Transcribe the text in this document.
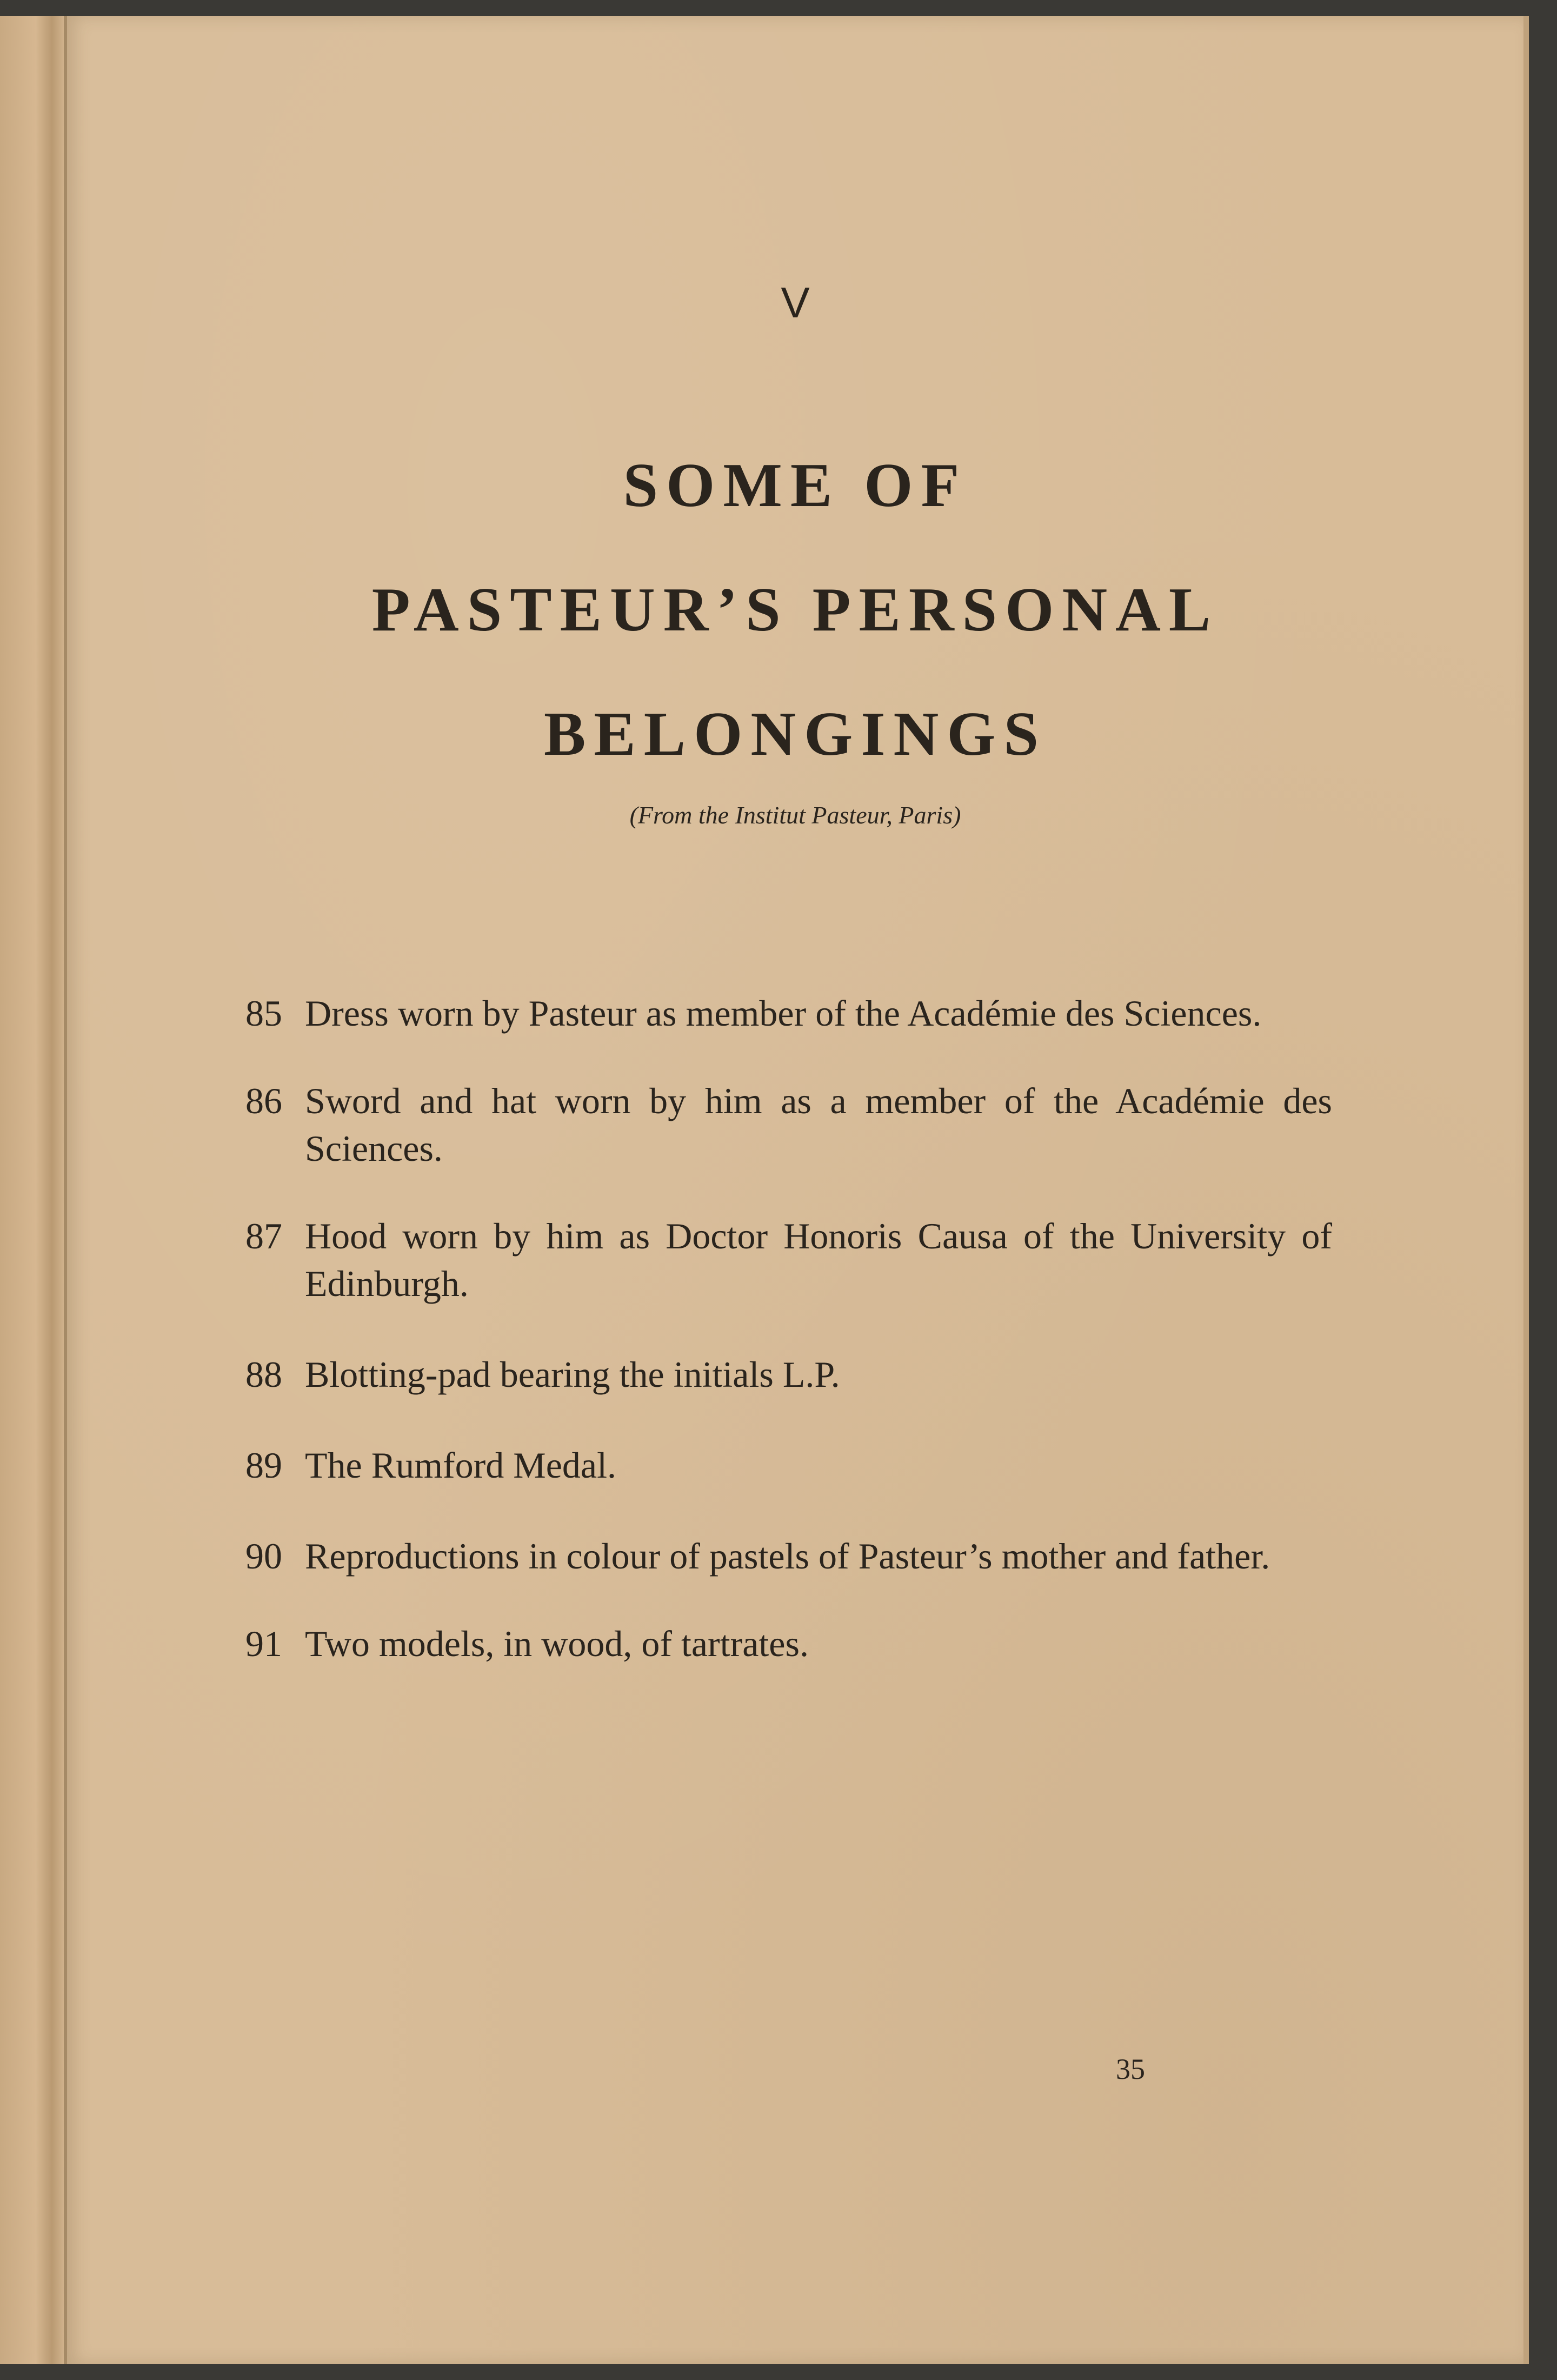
V
SOME OF
PASTEUR’S PERSONAL
BELONGINGS
(From the Institut Pasteur, Paris)
85 Dress worn by Pasteur as member of the Académie des Sciences.
86 Sword and hat worn by him as a member of the Académie des Sciences.
87 Hood worn by him as Doctor Honoris Causa of the University of Edinburgh.
88 Blotting-pad bearing the initials L.P.
89 The Rumford Medal.
90 Reproductions in colour of pastels of Pasteur’s mother and father.
91 Two models, in wood, of tartrates.
35
